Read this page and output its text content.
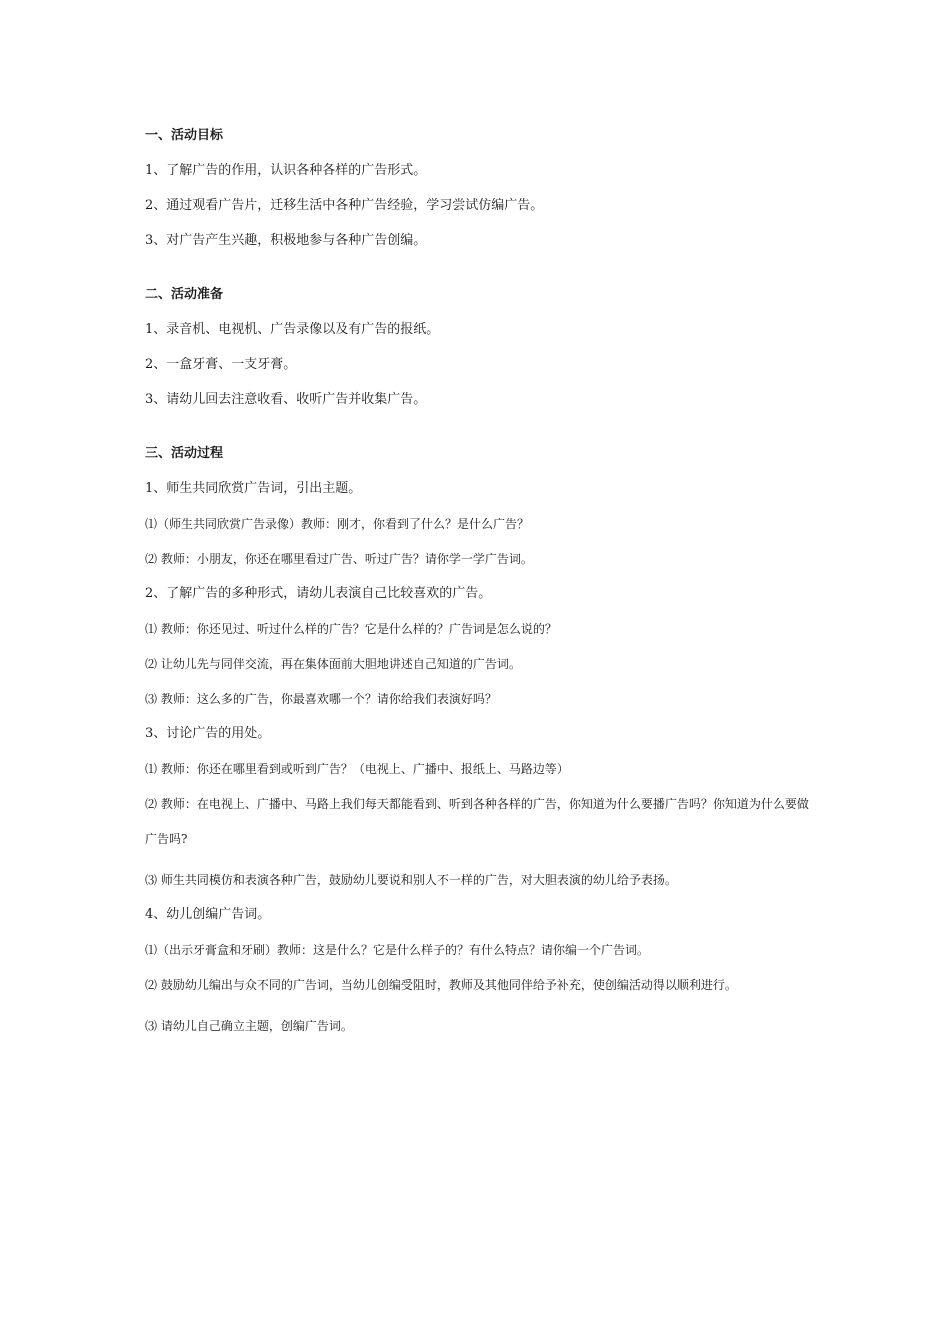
一、活动目标
1、了解广告的作用，认识各种各样的广告形式。
2、通过观看广告片，迁移生活中各种广告经验，学习尝试仿编广告。
3、对广告产生兴趣，积极地参与各种广告创编。
二、活动准备
1、录音机、电视机、广告录像以及有广告的报纸。
2、一盒牙膏、一支牙膏。
3、请幼儿回去注意收看、收听广告并收集广告。
三、活动过程
1、师生共同欣赏广告词，引出主题。
⑴（师生共同欣赏广告录像）教师：刚才，你看到了什么？是什么广告？
⑵ 教师：小朋友，你还在哪里看过广告、听过广告？请你学一学广告词。
2、了解广告的多种形式，请幼儿表演自己比较喜欢的广告。
⑴ 教师：你还见过、听过什么样的广告？它是什么样的？广告词是怎么说的？
⑵ 让幼儿先与同伴交流，再在集体面前大胆地讲述自己知道的广告词。
⑶ 教师：这么多的广告，你最喜欢哪一个？请你给我们表演好吗？
3、讨论广告的用处。
⑴ 教师：你还在哪里看到或听到广告？（电视上、广播中、报纸上、马路边等）
⑵ 教师：在电视上、广播中、马路上我们每天都能看到、听到各种各样的广告，你知道为什么要播广告吗？你知道为什么要做广告吗?
⑶ 师生共同模仿和表演各种广告，鼓励幼儿要说和别人不一样的广告，对大胆表演的幼儿给予表扬。
4、幼儿创编广告词。
⑴（出示牙膏盒和牙刷）教师：这是什么？它是什么样子的？有什么特点？请你编一个广告词。
⑵ 鼓励幼儿编出与众不同的广告词，当幼儿创编受阻时，教师及其他同伴给予补充，使创编活动得以顺利进行。
⑶ 请幼儿自己确立主题，创编广告词。
